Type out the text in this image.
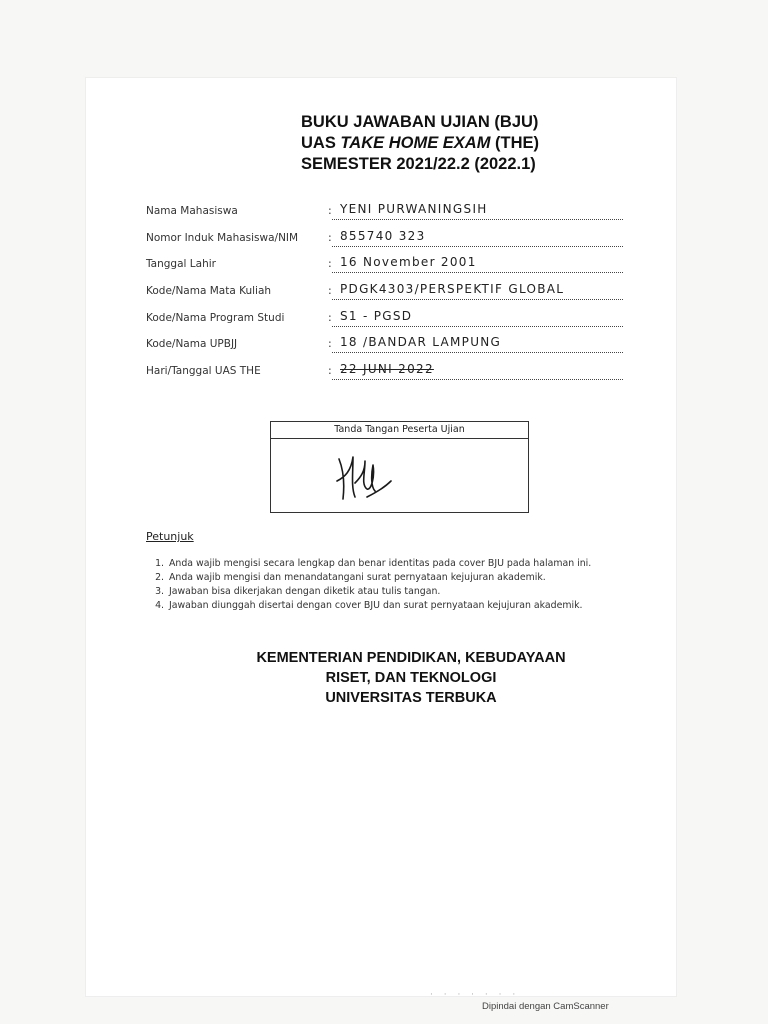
BUKU JAWABAN UJIAN (BJU)
UAS TAKE HOME EXAM (THE)
SEMESTER 2021/22.2 (2022.1)
Nama Mahasiswa	: YENI PURWANINGSIH
Nomor Induk Mahasiswa/NIM	: 855740 323
Tanggal Lahir	: 16 November 2001
Kode/Nama Mata Kuliah	: PDGK4303/PERSPEKTIF GLOBAL
Kode/Nama Program Studi	: S1 - PGSD
Kode/Nama UPBJJ	: 18 /BANDAR LAMPUNG
Hari/Tanggal UAS THE	: 22 JUNI 2022
Tanda Tangan Peserta Ujian
Petunjuk
1. Anda wajib mengisi secara lengkap dan benar identitas pada cover BJU pada halaman ini.
2. Anda wajib mengisi dan menandatangani surat pernyataan kejujuran akademik.
3. Jawaban bisa dikerjakan dengan diketik atau tulis tangan.
4. Jawaban diunggah disertai dengan cover BJU dan surat pernyataan kejujuran akademik.
KEMENTERIAN PENDIDIKAN, KEBUDAYAAN
RISET, DAN TEKNOLOGI
UNIVERSITAS TERBUKA
· · · · · · ·
Dipindai dengan CamScanner
